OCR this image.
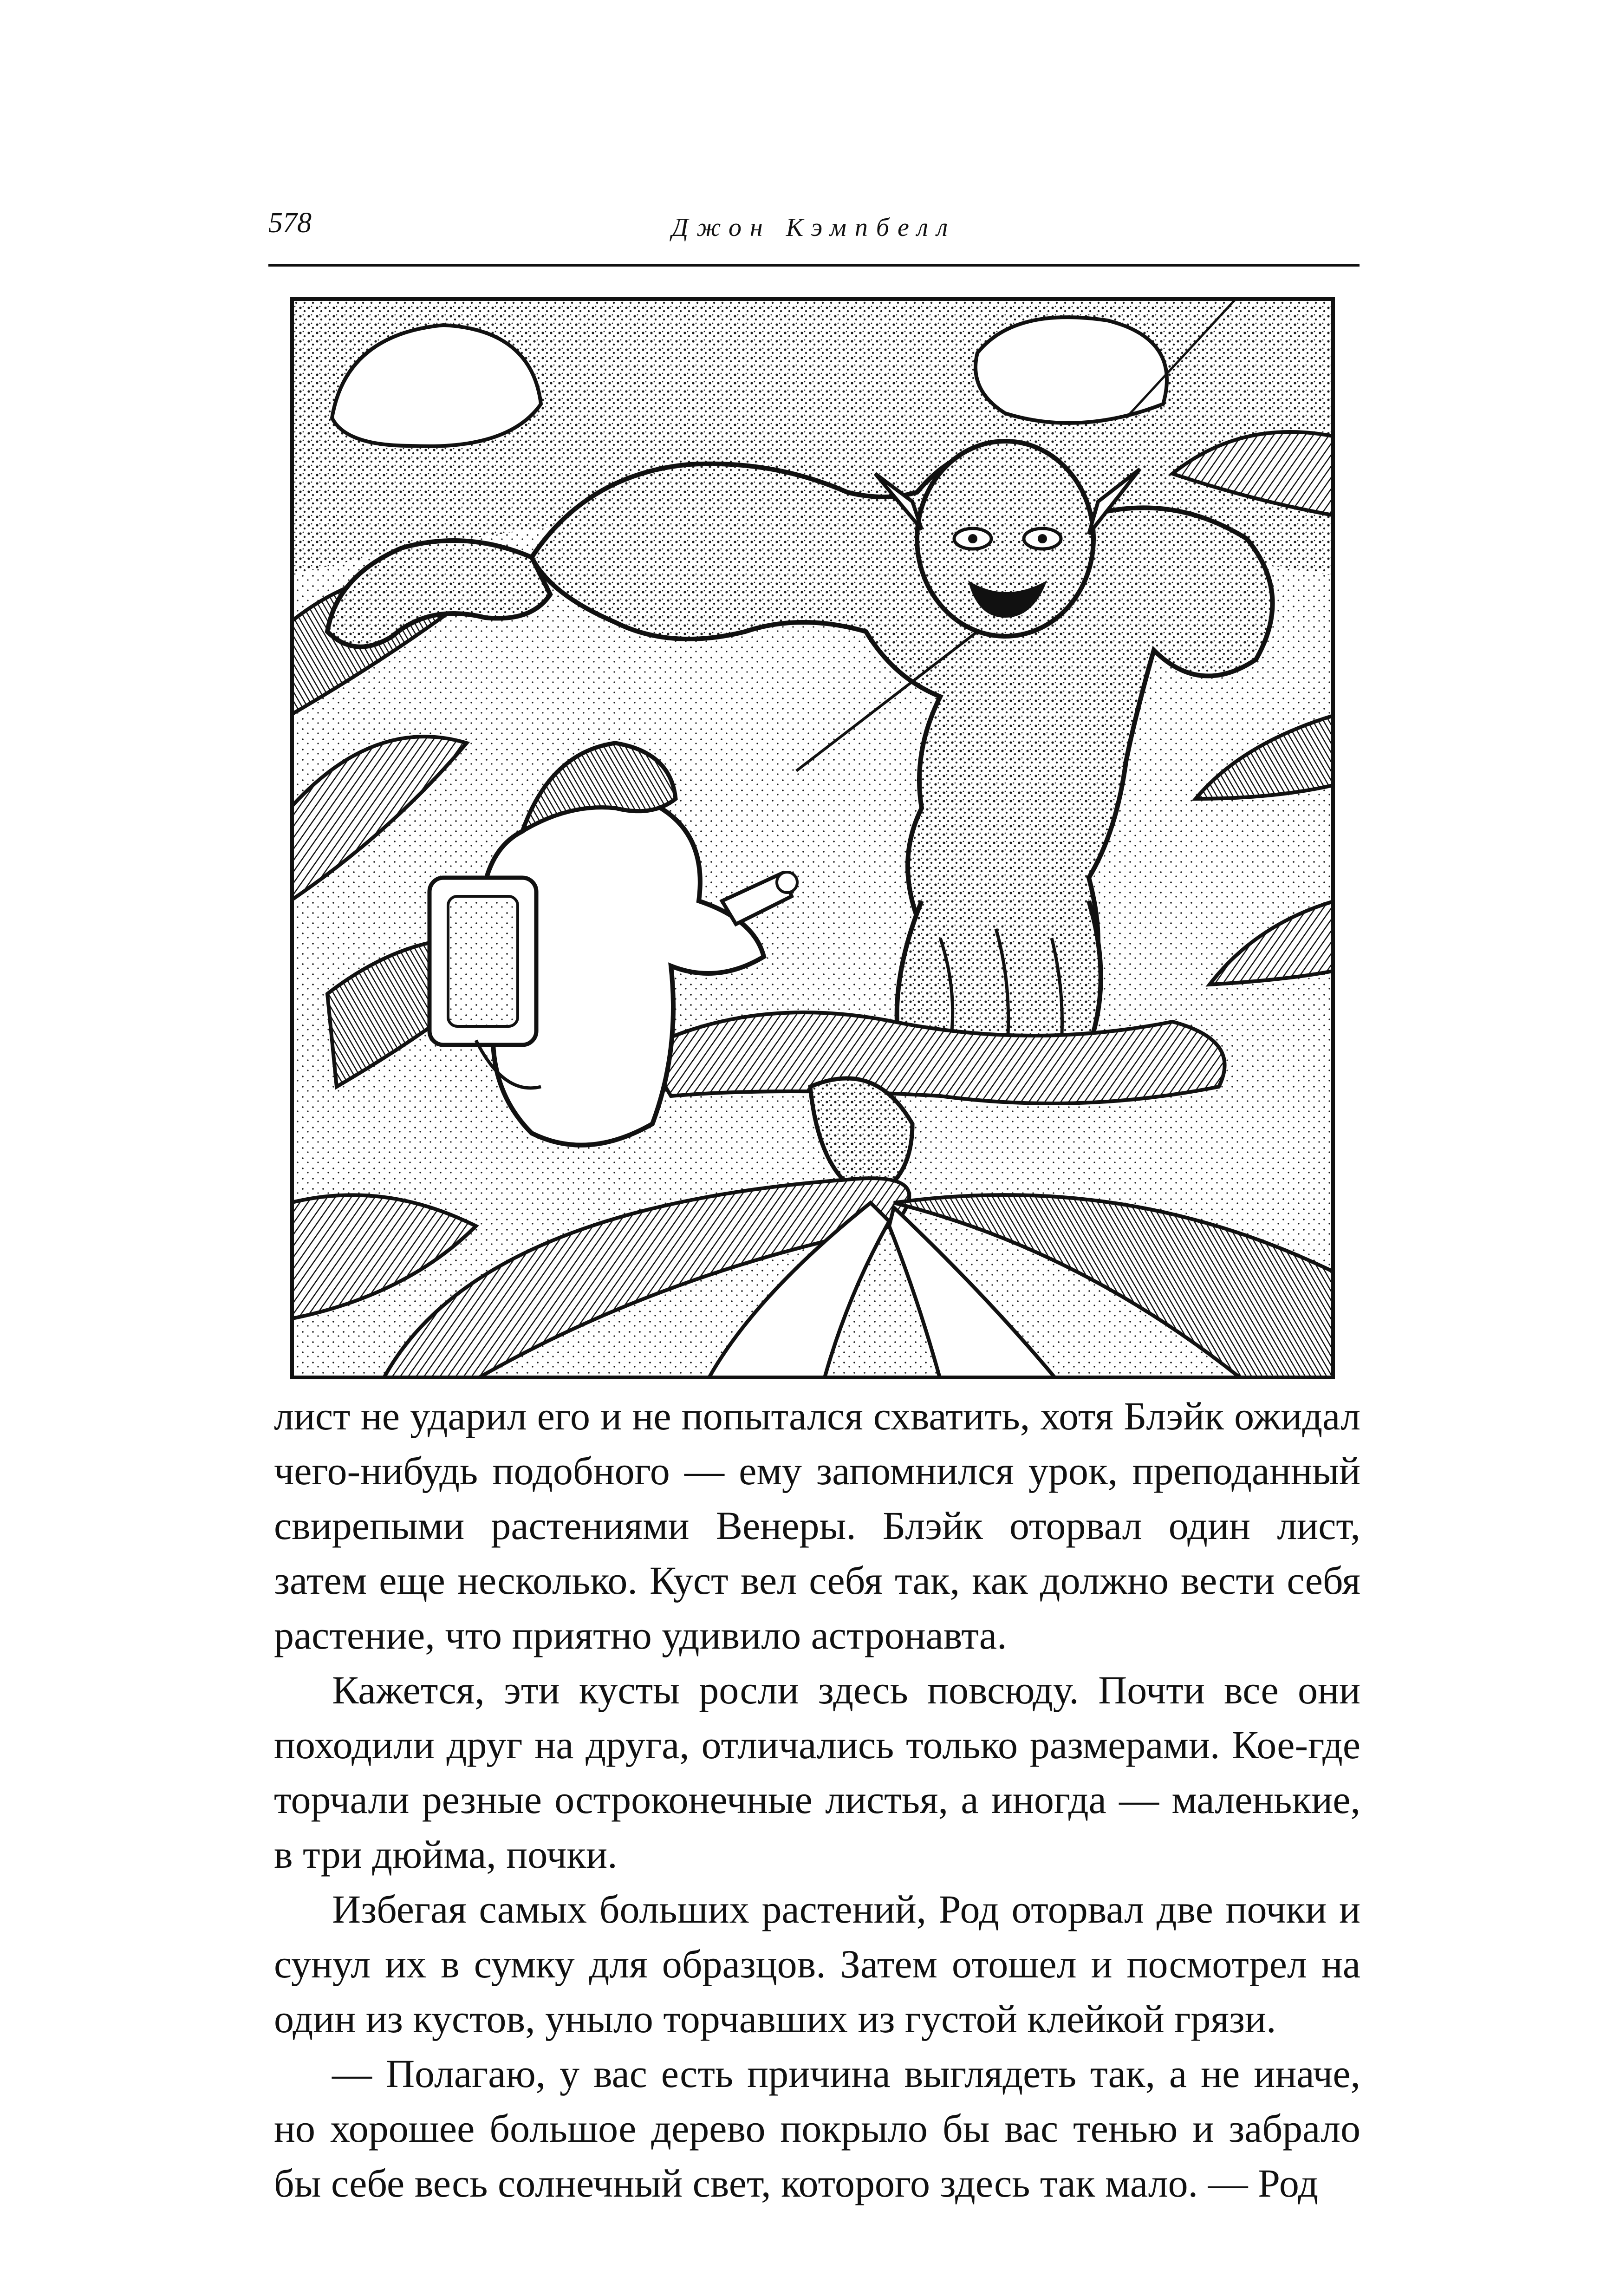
578	Джон Кэмпбелл

лист не ударил его и не попытался схватить, хотя Блэйк ожидал чего-нибудь подобного — ему запомнился урок, преподанный свирепыми растениями Венеры. Блэйк оторвал один лист, затем еще несколько. Куст вел себя так, как должно вести себя растение, что приятно удивило астронавта.

Кажется, эти кусты росли здесь повсюду. Почти все они походили друг на друга, отличались только размерами. Кое-где торчали резные остроконечные листья, а иногда — маленькие, в три дюйма, почки.

Избегая самых больших растений, Род оторвал две почки и сунул их в сумку для образцов. Затем отошел и посмотрел на один из кустов, уныло торчавших из густой клейкой грязи.

— Полагаю, у вас есть причина выглядеть так, а не иначе, но хорошее большое дерево покрыло бы вас тенью и забрало бы себе весь солнечный свет, которого здесь так мало. — Род
